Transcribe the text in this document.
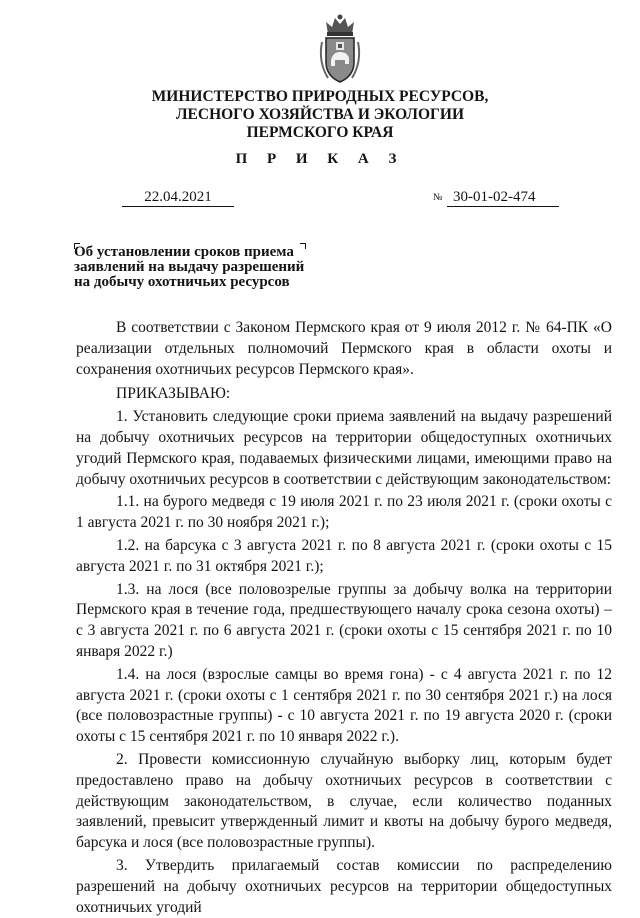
МИНИСТЕРСТВО ПРИРОДНЫХ РЕСУРСОВ,
ЛЕСНОГО ХОЗЯЙСТВА И ЭКОЛОГИИ
ПЕРМСКОГО КРАЯ
П Р И К А З
22.04.2021	№ 30-01-02-474
Об установлении сроков приема
заявлений на выдачу разрешений
на добычу охотничьих ресурсов

В соответствии с Законом Пермского края от 9 июля 2012 г. № 64-ПК «О реализации отдельных полномочий Пермского края в области охоты и сохранения охотничьих ресурсов Пермского края».

ПРИКАЗЫВАЮ:

1. Установить следующие сроки приема заявлений на выдачу разрешений на добычу охотничьих ресурсов на территории общедоступных охотничьих угодий Пермского края, подаваемых физическими лицами, имеющими право на добычу охотничьих ресурсов в соответствии с действующим законодательством:

1.1. на бурого медведя с 19 июля 2021 г. по 23 июля 2021 г. (сроки охоты с 1 августа 2021 г. по 30 ноября 2021 г.);

1.2. на барсука с 3 августа 2021 г. по 8 августа 2021 г. (сроки охоты с 15 августа 2021 г. по 31 октября 2021 г.);

1.3. на лося (все половозрелые группы за добычу волка на территории Пермского края в течение года, предшествующего началу срока сезона охоты) – с 3 августа 2021 г. по 6 августа 2021 г. (сроки охоты с 15 сентября 2021 г. по 10 января 2022 г.)

1.4. на лося (взрослые самцы во время гона) - с 4 августа 2021 г. по 12 августа 2021 г. (сроки охоты с 1 сентября 2021 г. по 30 сентября 2021 г.) на лося (все половозрастные группы) - с 10 августа 2021 г. по 19 августа 2020 г. (сроки охоты с 15 сентября 2021 г. по 10 января 2022 г.).

2. Провести комиссионную случайную выборку лиц, которым будет предоставлено право на добычу охотничьих ресурсов в соответствии с действующим законодательством, в случае, если количество поданных заявлений, превысит утвержденный лимит и квоты на добычу бурого медведя, барсука и лося (все половозрастные группы).

3. Утвердить прилагаемый состав комиссии по распределению разрешений на добычу охотничьих ресурсов на территории общедоступных охотничьих угодий
